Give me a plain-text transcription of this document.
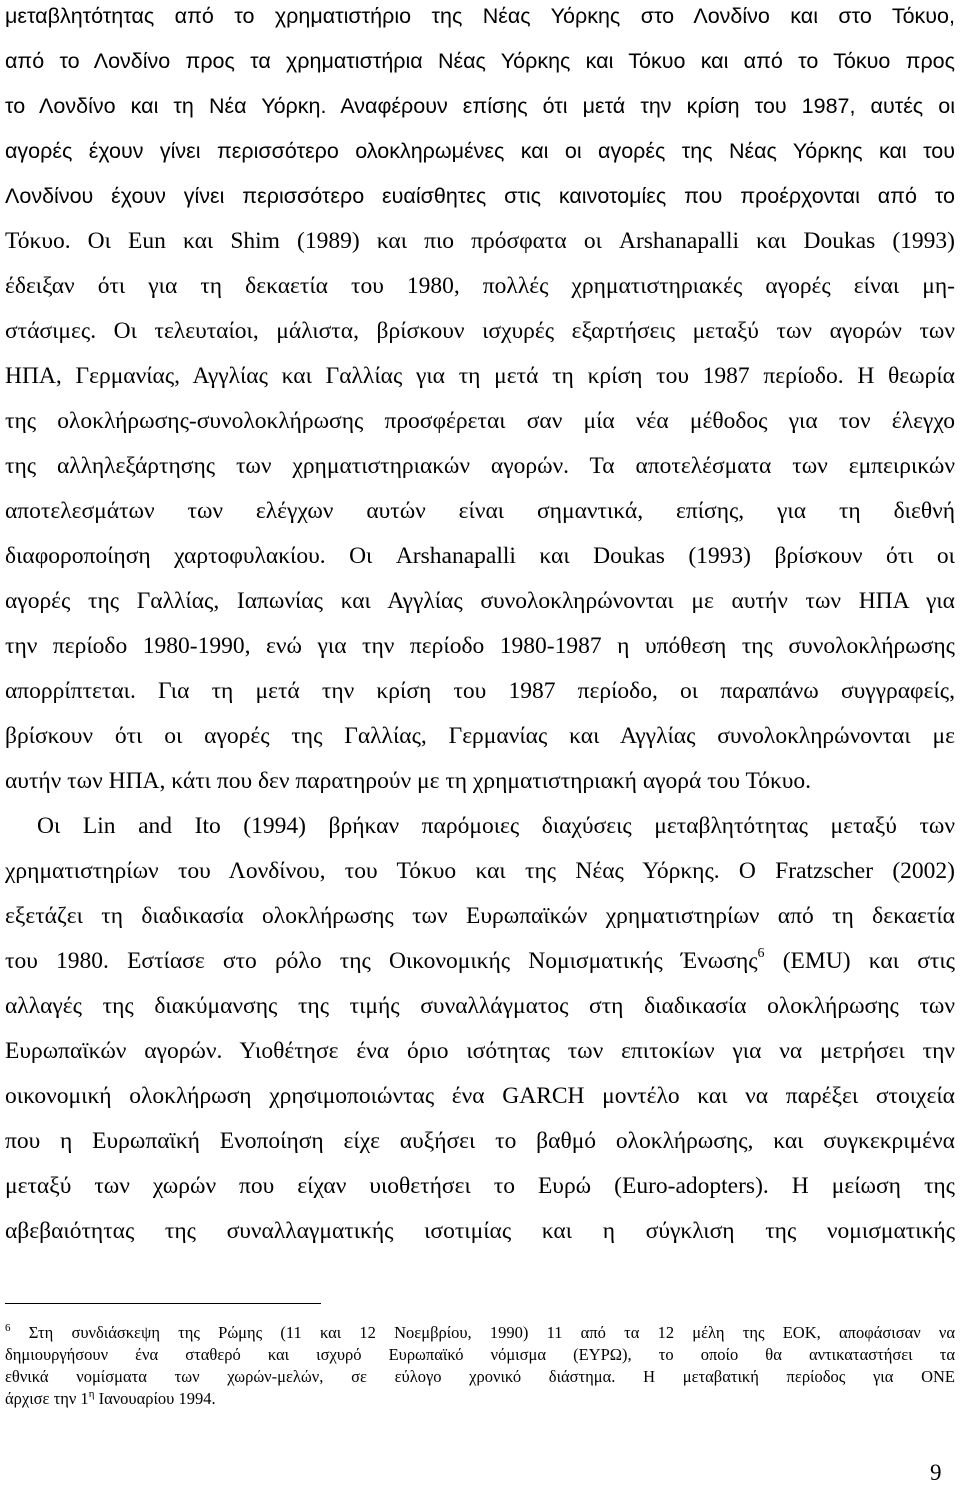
μεταβλητότητας από το χρηματιστήριο της Νέας Υόρκης στο Λονδίνο και στο Τόκυο,
από το Λονδίνο προς τα χρηματιστήρια Νέας Υόρκης και Τόκυο και από το Τόκυο προς
το Λονδίνο και τη Νέα Υόρκη. Αναφέρουν επίσης ότι μετά την κρίση του 1987, αυτές οι
αγορές έχουν γίνει περισσότερο ολοκληρωμένες και οι αγορές της Νέας Υόρκης και του
Λονδίνου έχουν γίνει περισσότερο ευαίσθητες στις καινοτομίες που προέρχονται από το
Τόκυο. Οι Eun και Shim (1989) και πιο πρόσφατα οι Arshanapalli και Doukas (1993)
έδειξαν ότι για τη δεκαετία του 1980, πολλές χρηματιστηριακές αγορές είναι μη-
στάσιμες. Οι τελευταίοι, μάλιστα, βρίσκουν ισχυρές εξαρτήσεις μεταξύ των αγορών των
ΗΠΑ, Γερμανίας, Αγγλίας και Γαλλίας για τη μετά τη κρίση του 1987 περίοδο. Η θεωρία
της ολοκλήρωσης-συνολοκλήρωσης προσφέρεται σαν μία νέα μέθοδος για τον έλεγχο
της αλληλεξάρτησης των χρηματιστηριακών αγορών. Τα αποτελέσματα των εμπειρικών
αποτελεσμάτων των ελέγχων αυτών είναι σημαντικά, επίσης, για τη διεθνή
διαφοροποίηση χαρτοφυλακίου. Οι Arshanapalli και Doukas (1993) βρίσκουν ότι οι
αγορές της Γαλλίας, Ιαπωνίας και Αγγλίας συνολοκληρώνονται με αυτήν των ΗΠΑ για
την περίοδο 1980-1990, ενώ για την περίοδο 1980-1987 η υπόθεση της συνολοκλήρωσης
απορρίπτεται. Για τη μετά την κρίση του 1987 περίοδο, οι παραπάνω συγγραφείς,
βρίσκουν ότι οι αγορές της Γαλλίας, Γερμανίας και Αγγλίας συνολοκληρώνονται με
αυτήν των ΗΠΑ, κάτι που δεν παρατηρούν με τη χρηματιστηριακή αγορά του Τόκυο.
Οι Lin and Ito (1994) βρήκαν παρόμοιες διαχύσεις μεταβλητότητας μεταξύ των
χρηματιστηρίων του Λονδίνου, του Τόκυο και της Νέας Υόρκης. Ο Fratzscher (2002)
εξετάζει τη διαδικασία ολοκλήρωσης των Ευρωπαϊκών χρηματιστηρίων από τη δεκαετία
του 1980. Εστίασε στο ρόλο της Οικονομικής Νομισματικής Ένωσης$^6$ (EMU) και στις
αλλαγές της διακύμανσης της τιμής συναλλάγματος στη διαδικασία ολοκλήρωσης των
Ευρωπαϊκών αγορών. Υιοθέτησε ένα όριο ισότητας των επιτοκίων για να μετρήσει την
οικονομική ολοκλήρωση χρησιμοποιώντας ένα GARCH μοντέλο και να παρέξει στοιχεία
που η Ευρωπαϊκή Ενοποίηση είχε αυξήσει το βαθμό ολοκλήρωσης, και συγκεκριμένα
μεταξύ των χωρών που είχαν υιοθετήσει το Ευρώ (Euro-adopters). Η μείωση της
αβεβαιότητας της συναλλαγματικής ισοτιμίας και η σύγκλιση της νομισματικής
$^6$ Στη συνδιάσκεψη της Ρώμης (11 και 12 Νοεμβρίου, 1990) 11 από τα 12 μέλη της ΕΟΚ, αποφάσισαν να
δημιουργήσουν ένα σταθερό και ισχυρό Ευρωπαϊκό νόμισμα (ΕΥΡΩ), το οποίο θα αντικαταστήσει τα
εθνικά νομίσματα των χωρών-μελών, σε εύλογο χρονικό διάστημα. Η μεταβατική περίοδος για ΟΝΕ
άρχισε την $1^\eta$ Ιανουαρίου 1994.
9
